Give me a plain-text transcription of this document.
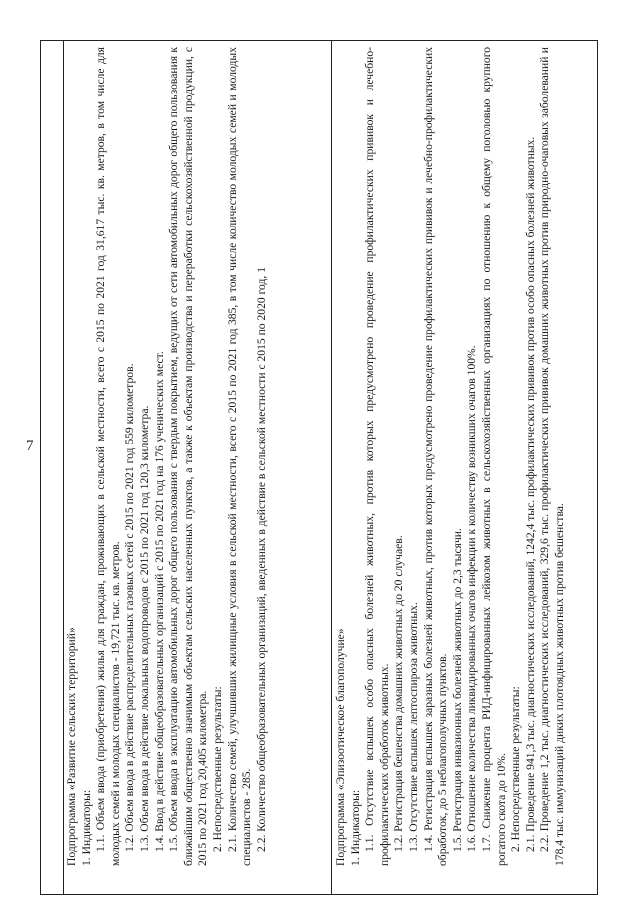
7
Подпрограмма «Развитие сельских территорий» 1. Индикаторы: 1.1. Объем ввода (приобретения) жилья для граждан, проживающих в сельской местности, всего с 2015 по 2021 год 31,617 тыс. кв. метров, в том числе для молодых семей и молодых специалистов - 19,721 тыс. кв. метров. 1.2. Объем ввода в действие распределительных газовых сетей с 2015 по 2021 год 559 километров. 1.3. Объем ввода в действие локальных водопроводов с 2015 по 2021 год 120,3 километра. 1.4. Ввод в действие общеобразовательных организаций с 2015 по 2021 год на 176 ученических мест. 1.5. Объем ввода в эксплуатацию автомобильных дорог общего пользования с твердым покрытием, ведущих от сети автомобильных дорог общего пользования к ближайшим общественно значимым объектам сельских населенных пунктов, а также к объектам производства и переработки сельскохозяйственной продукции, с 2015 по 2021 год 20,405 километра. 2. Непосредственные результаты: 2.1. Количество семей, улучшивших жилищные условия в сельской местности, всего с 2015 по 2021 год 385, в том числе количество молодых семей и молодых специалистов - 285. 2.2. Количество общеобразовательных организаций, введенных в действие в сельской местности с 2015 по 2020 год, 1	Подпрограмма «Эпизоотическое благополучие» 1. Индикаторы: 1.1. Отсутствие вспышек особо опасных болезней животных, против которых предусмотрено проведение профилактических прививок и лечебно-профилактических обработок животных. 1.2. Регистрация бешенства домашних животных до 20 случаев. 1.3. Отсутствие вспышек лептоспироза животных. 1.4. Регистрация вспышек заразных болезней животных, против которых предусмотрено проведение профилактических прививок и лечебно-профилактических обработок, до 5 неблагополучных пунктов. 1.5. Регистрация инвазионных болезней животных до 2,3 тысячи. 1.6. Отношение количества ликвидированных очагов инфекции к количеству возникших очагов 100%. 1.7. Снижение процента РИД-инфицированных лейкозом животных в сельскохозяйственных организациях по отношению к общему поголовью крупного рогатого скота до 10%. 2. Непосредственные результаты: 2.1. Проведение 941,3 тыс. диагностических исследований, 1242,4 тыс. профилактических прививок против особо опасных болезней животных. 2.2. Проведение 1,2 тыс. диагностических исследований, 329,6 тыс. профилактических прививок домашних животных против природно-очаговых заболеваний и 178,4 тыс. иммунизаций диких плотоядных животных против бешенства.
